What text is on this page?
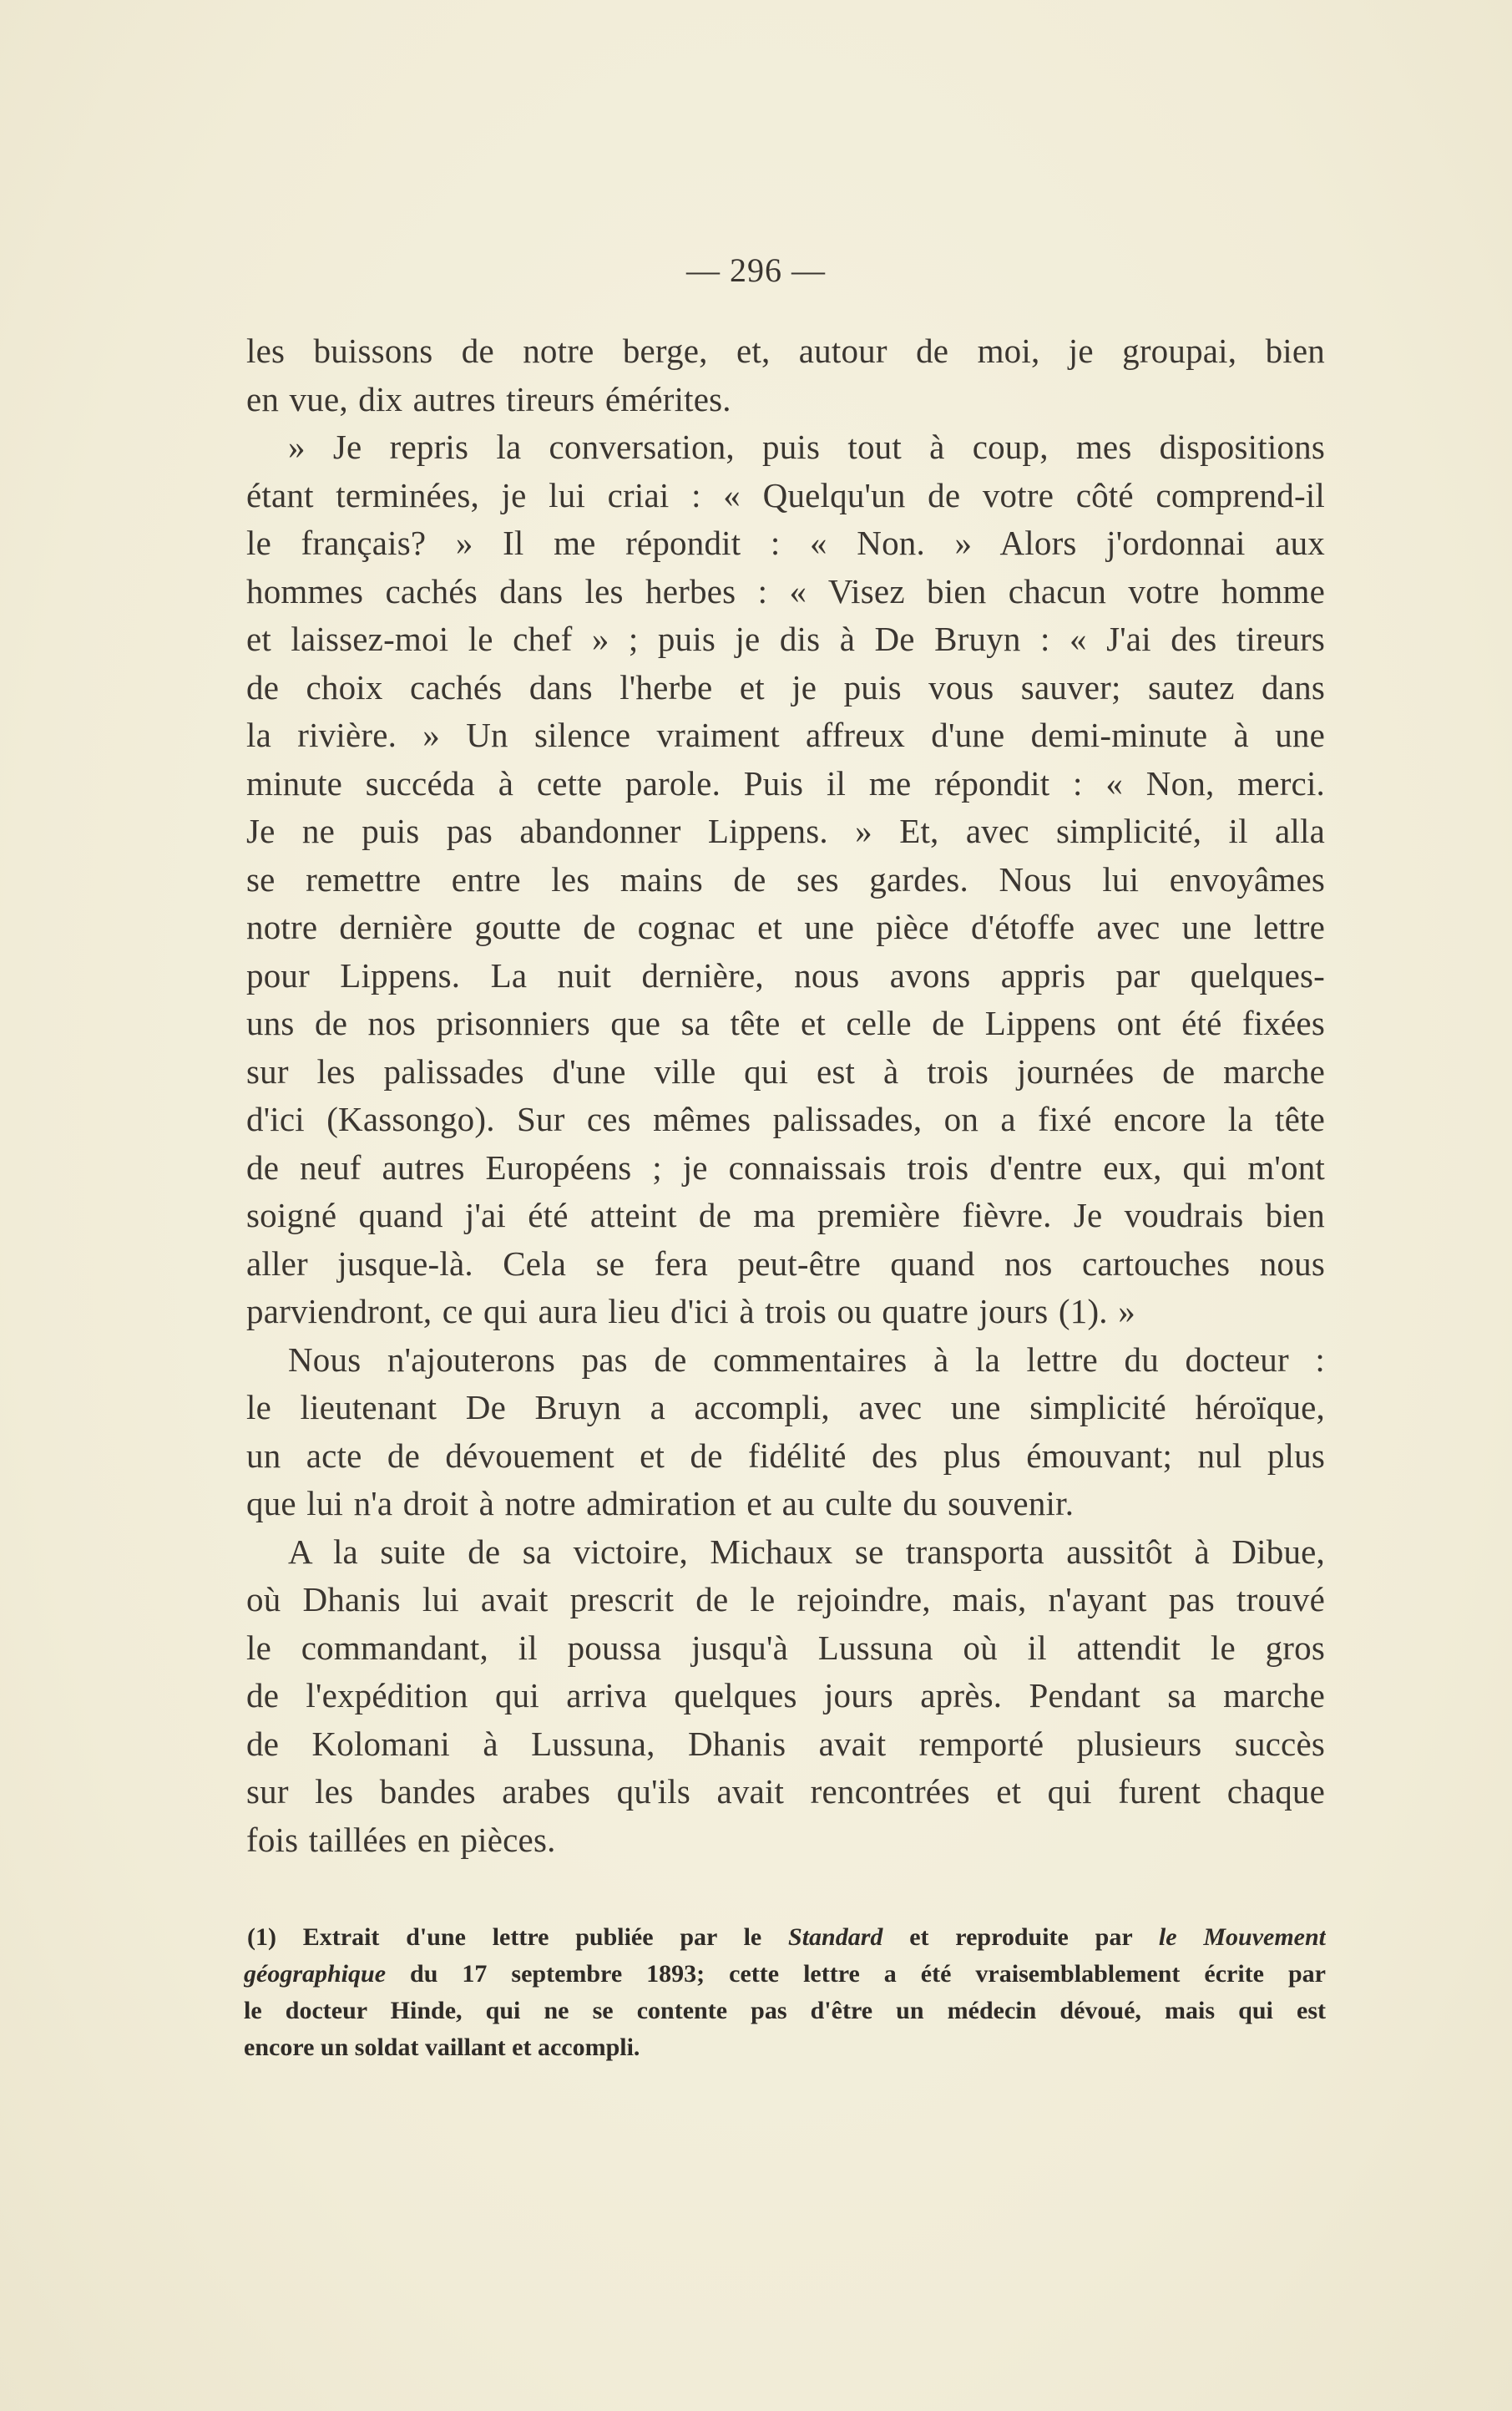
— 296 —
les buissons de notre berge, et, autour de moi, je groupai, bien
en vue, dix autres tireurs émérites.
» Je repris la conversation, puis tout à coup, mes dispositions
étant terminées, je lui criai : « Quelqu'un de votre côté comprend-il
le français? » Il me répondit : « Non. » Alors j'ordonnai aux
hommes cachés dans les herbes : « Visez bien chacun votre homme
et laissez-moi le chef » ; puis je dis à De Bruyn : « J'ai des tireurs
de choix cachés dans l'herbe et je puis vous sauver; sautez dans
la rivière. » Un silence vraiment affreux d'une demi-minute à une
minute succéda à cette parole. Puis il me répondit : « Non, merci.
Je ne puis pas abandonner Lippens. » Et, avec simplicité, il alla
se remettre entre les mains de ses gardes. Nous lui envoyâmes
notre dernière goutte de cognac et une pièce d'étoffe avec une lettre
pour Lippens. La nuit dernière, nous avons appris par quelques-
uns de nos prisonniers que sa tête et celle de Lippens ont été fixées
sur les palissades d'une ville qui est à trois journées de marche
d'ici (Kassongo). Sur ces mêmes palissades, on a fixé encore la tête
de neuf autres Européens ; je connaissais trois d'entre eux, qui m'ont
soigné quand j'ai été atteint de ma première fièvre. Je voudrais bien
aller jusque-là. Cela se fera peut-être quand nos cartouches nous
parviendront, ce qui aura lieu d'ici à trois ou quatre jours (1). »
Nous n'ajouterons pas de commentaires à la lettre du docteur :
le lieutenant De Bruyn a accompli, avec une simplicité héroïque,
un acte de dévouement et de fidélité des plus émouvant; nul plus
que lui n'a droit à notre admiration et au culte du souvenir.
A la suite de sa victoire, Michaux se transporta aussitôt à Dibue,
où Dhanis lui avait prescrit de le rejoindre, mais, n'ayant pas trouvé
le commandant, il poussa jusqu'à Lussuna où il attendit le gros
de l'expédition qui arriva quelques jours après. Pendant sa marche
de Kolomani à Lussuna, Dhanis avait remporté plusieurs succès
sur les bandes arabes qu'ils avait rencontrées et qui furent chaque
fois taillées en pièces.
(1) Extrait d'une lettre publiée par le Standard et reproduite par le Mouvement
géographique du 17 septembre 1893; cette lettre a été vraisemblablement écrite par
le docteur Hinde, qui ne se contente pas d'être un médecin dévoué, mais qui est
encore un soldat vaillant et accompli.
